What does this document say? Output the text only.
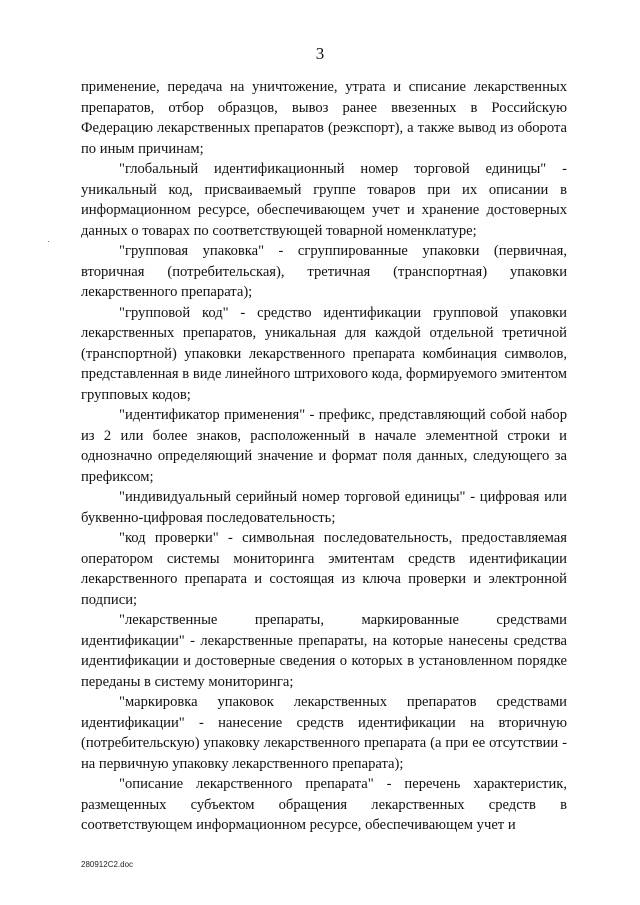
3

применение, передача на уничтожение, утрата и списание лекарственных препаратов, отбор образцов, вывоз ранее ввезенных в Российскую Федерацию лекарственных препаратов (реэкспорт), а также вывод из оборота по иным причинам;

"глобальный идентификационный номер торговой единицы" - уникальный код, присваиваемый группе товаров при их описании в информационном ресурсе, обеспечивающем учет и хранение достоверных данных о товарах по соответствующей товарной номенклатуре;

"групповая упаковка" - сгруппированные упаковки (первичная, вторичная (потребительская), третичная (транспортная) упаковки лекарственного препарата);

"групповой код" - средство идентификации групповой упаковки лекарственных препаратов, уникальная для каждой отдельной третичной (транспортной) упаковки лекарственного препарата комбинация символов, представленная в виде линейного штрихового кода, формируемого эмитентом групповых кодов;

"идентификатор применения" - префикс, представляющий собой набор из 2 или более знаков, расположенный в начале элементной строки и однозначно определяющий значение и формат поля данных, следующего за префиксом;

"индивидуальный серийный номер торговой единицы" - цифровая или буквенно-цифровая последовательность;

"код проверки" - символьная последовательность, предоставляемая оператором системы мониторинга эмитентам средств идентификации лекарственного препарата и состоящая из ключа проверки и электронной подписи;

"лекарственные препараты, маркированные средствами идентификации" - лекарственные препараты, на которые нанесены средства идентификации и достоверные сведения о которых в установленном порядке переданы в систему мониторинга;

"маркировка упаковок лекарственных препаратов средствами идентификации" - нанесение средств идентификации на вторичную (потребительскую) упаковку лекарственного препарата (а при ее отсутствии - на первичную упаковку лекарственного препарата);

"описание лекарственного препарата" - перечень характеристик, размещенных субъектом обращения лекарственных средств в соответствующем информационном ресурсе, обеспечивающем учет и

280912C2.doc
